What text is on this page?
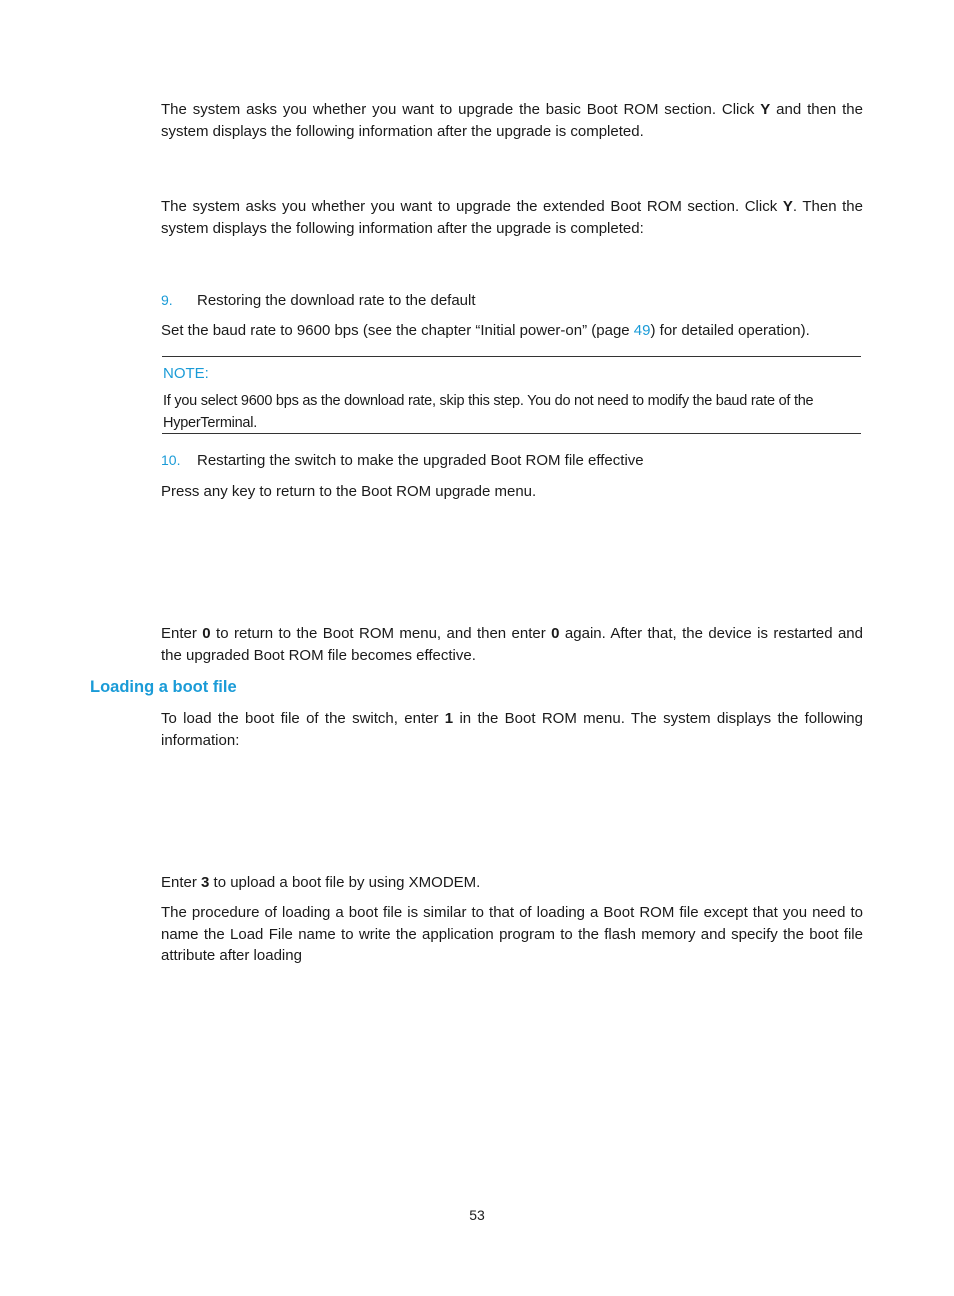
The system asks you whether you want to upgrade the basic Boot ROM section. Click Y and then the system displays the following information after the upgrade is completed.

The system asks you whether you want to upgrade the extended Boot ROM section. Click Y. Then the system displays the following information after the upgrade is completed:

9. Restoring the download rate to the default

Set the baud rate to 9600 bps (see the chapter “Initial power-on” (page 49) for detailed operation).

NOTE:
If you select 9600 bps as the download rate, skip this step. You do not need to modify the baud rate of the HyperTerminal.
10. Restarting the switch to make the upgraded Boot ROM file effective

Press any key to return to the Boot ROM upgrade menu.

Enter 0 to return to the Boot ROM menu, and then enter 0 again. After that, the device is restarted and the upgraded Boot ROM file becomes effective.

Loading a boot file

To load the boot file of the switch, enter 1 in the Boot ROM menu. The system displays the following information:

Enter 3 to upload a boot file by using XMODEM.

The procedure of loading a boot file is similar to that of loading a Boot ROM file except that you need to name the Load File name to write the application program to the flash memory and specify the boot file attribute after loading

53
